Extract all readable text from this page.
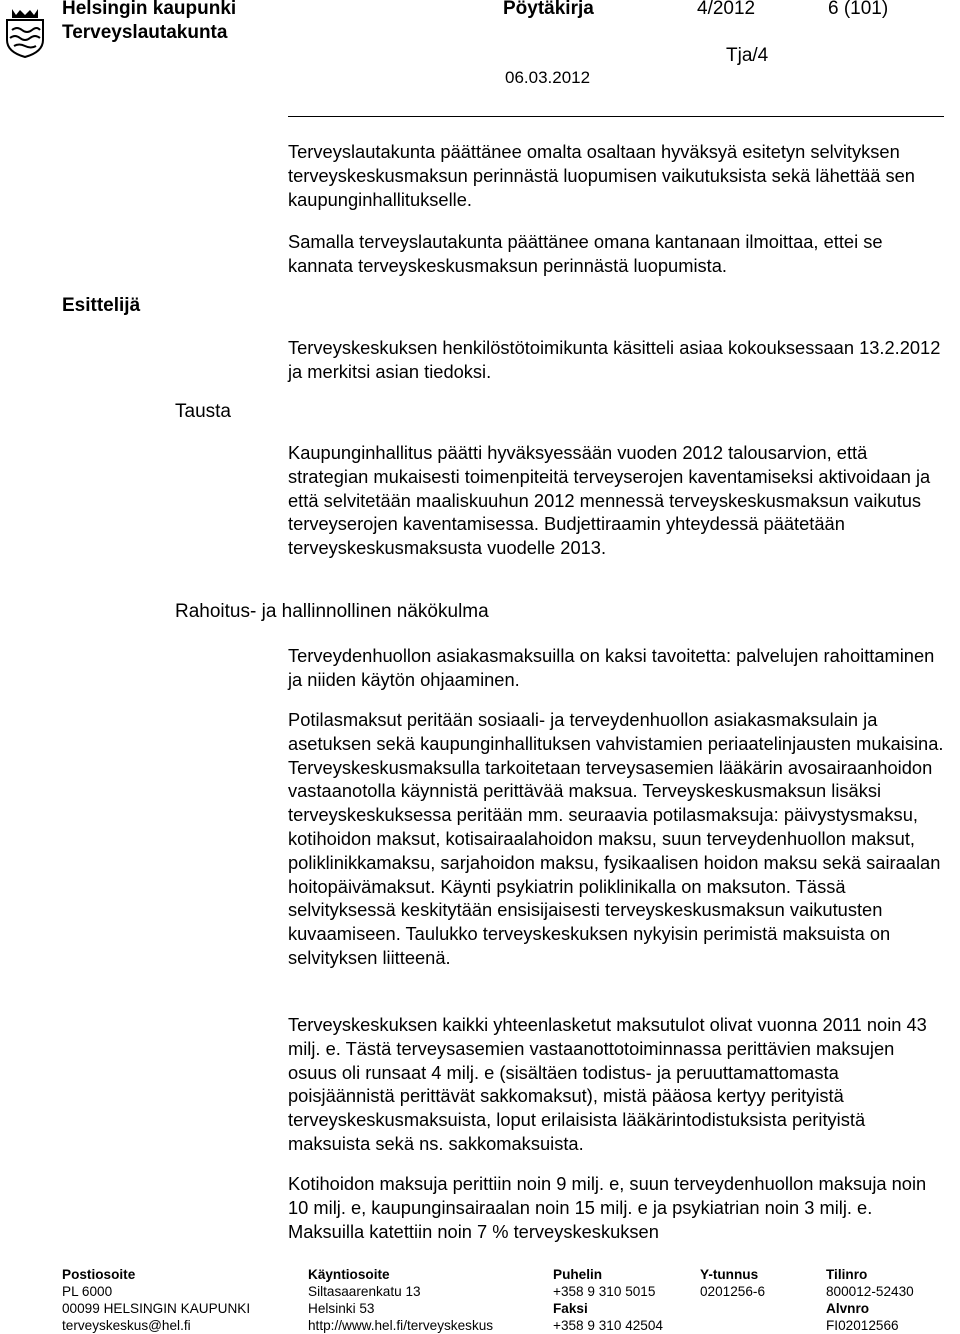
Helsingin kaupunki
Terveyslautakunta
Pöytäkirja	4/2012	6 (101)
Tja/4
06.03.2012
Esittelijä
Tausta
Rahoitus- ja hallinnollinen näkökulma

Terveyslautakunta päättänee omalta osaltaan hyväksyä esitetyn selvityksen terveyskeskusmaksun perinnästä luopumisen vaikutuksista sekä lähettää sen kaupunginhallitukselle.

Samalla terveyslautakunta päättänee omana kantanaan ilmoittaa, ettei se kannata terveyskeskusmaksun perinnästä luopumista.

Terveyskeskuksen henkilöstötoimikunta käsitteli asiaa kokouksessaan 13.2.2012 ja merkitsi asian tiedoksi.

Kaupunginhallitus päätti hyväksyessään vuoden 2012 talousarvion, että strategian mukaisesti toimenpiteitä terveyserojen kaventamiseksi aktivoidaan ja että selvitetään maaliskuuhun 2012 mennessä terveyskeskusmaksun vaikutus terveyserojen kaventamisessa. Budjettiraamin yhteydessä päätetään terveyskeskusmaksusta vuodelle 2013.

Terveydenhuollon asiakasmaksuilla on kaksi tavoitetta: palvelujen rahoittaminen ja niiden käytön ohjaaminen.

Potilasmaksut peritään sosiaali- ja terveydenhuollon asiakasmaksulain ja asetuksen sekä kaupunginhallituksen vahvistamien periaatelinjausten mukaisina. Terveyskeskusmaksulla tarkoitetaan terveysasemien lääkärin avosairaanhoidon vastaanotolla käynnistä perittävää maksua. Terveyskeskusmaksun lisäksi terveyskeskuksessa peritään mm. seuraavia potilasmaksuja: päivystysmaksu, kotihoidon maksut, kotisairaalahoidon maksu, suun terveydenhuollon maksut, poliklinikkamaksu, sarjahoidon maksu, fysikaalisen hoidon maksu sekä sairaalan hoitopäivämaksut. Käynti psykiatrin poliklinikalla on maksuton. Tässä selvityksessä keskitytään ensisijaisesti terveyskeskusmaksun vaikutusten kuvaamiseen. Taulukko terveyskeskuksen nykyisin perimistä maksuista on selvityksen liitteenä.

Terveyskeskuksen kaikki yhteenlasketut maksutulot olivat vuonna 2011 noin 43 milj. e. Tästä terveysasemien vastaanottotoiminnassa perittävien maksujen osuus oli runsaat 4 milj. e (sisältäen todistus- ja peruuttamattomasta poisjäännistä perittävät sakkomaksut), mistä pääosa kertyy perityistä terveyskeskusmaksuista, loput erilaisista lääkärintodistuksista perityistä maksuista sekä ns. sakkomaksuista.

Kotihoidon maksuja perittiin noin 9 milj. e, suun terveydenhuollon maksuja noin 10 milj. e, kaupunginsairaalan noin 15 milj. e ja psykiatrian noin 3 milj. e. Maksuilla katettiin noin 7 % terveyskeskuksen

Postiosoite
PL 6000
00099 HELSINGIN KAUPUNKI
terveyskeskus@hel.fi
Käyntiosoite
Siltasaarenkatu 13
Helsinki 53
http://www.hel.fi/terveyskeskus
Puhelin
+358 9 310 5015
Faksi
+358 9 310 42504
Y-tunnus
0201256-6
Tilinro
800012-52430
Alvnro
FI02012566
